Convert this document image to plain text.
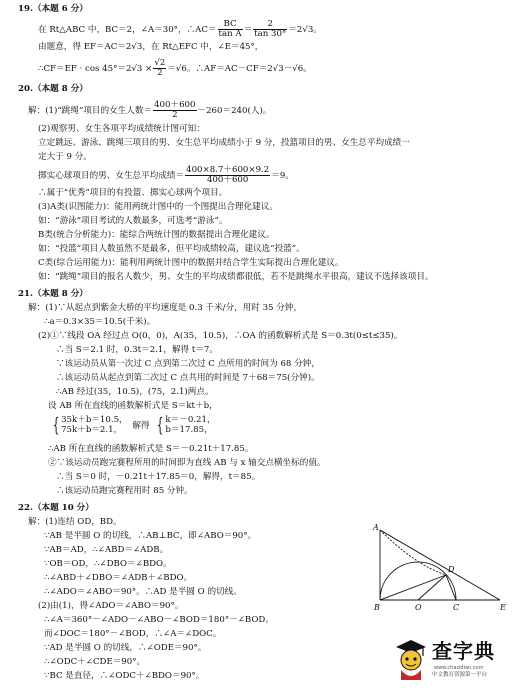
19.（本题 6 分）
在 Rt△ABC 中，BC＝2，∠A＝30°，∴AC＝ $\frac{BC}{\text{tan A}} = \frac{2}{\tan 30^\circ} =2√3$。
由题意，得 EF＝AC＝2√3，在 Rt△EFC 中，∠E＝45°，
∴CF＝EF · $\cos 45^\circ=2√3 \times \frac{√2}{2} =√6$。∴AF＝AC－CF＝2√3－√6。
20.（本题 8 分）
解：(1)“跳绳”项目的女生人数＝ $\frac{400+600}{2} -260=240$(人)。
(2)观察男、女生各项平均成绩统计图可知：
立定跳远、游泳、跳绳三项目的男、女生总平均成绩小于 9 分，投篮项目的男、女生总平均成绩一
定大于 9 分。
掷实心球项目的男、女生总平均成绩＝ $\frac{400\times 8.7+600\times 9.2}{400+600} =9$。
∴属于“优秀”项目的有投篮、掷实心球两个项目。
(3)A类(识图能力)：能用两统计图中的一个图提出合理化建议。
如：“游泳”项目考试的人数最多，可选考“游泳”。
B类(统合分析能力)：能综合两统计图的数据提出合理化建议。
如：“投篮”项目人数虽然不是最多，但平均成绩较高，建议选“投篮”。
C类(综合运用能力)：能利用两统计图中的数据并结合学生实际提出合理化建议。
如：“跳绳”项目的报名人数少，男、女生的平均成绩都很低，若不是跳绳水平很高，建议不选择该项目。
21.（本题 8 分）
解：(1)∵从起点到紫金大桥的平均速度是 0.3 千米/分，用时 35 分钟，
∴a＝0.3×35＝10.5(千米)。
(2)①∵线段 OA 经过点 O(0，0)，A(35，10.5)，∴OA 的函数解析式是 S＝0.3t(0≤t≤35)。
∴当 S＝2.1 时，0.3t＝2.1，解得 t＝7。
∵该运动员从第一次过 C 点到第二次过 C 点所用的时间为 68 分钟，
∴该运动员从起点到第二次过 C 点共用的时间是 7＋68＝75(分钟)。
∴AB 经过(35，10.5)，(75，2.1)两点。
设 AB 所在直线的函数解析式是 S＝kt＋b，
{ 35k＋b＝10.5，
75k＋b＝2.1，	解得 { k＝－0.21，
b＝17.85，
∴AB 所在直线的函数解析式是 S＝－0.21t＋17.85。
②∵该运动员跑完赛程所用的时间即为直线 AB 与 x 轴交点横坐标的值。
∴当 S＝0 时，－0.21t＋17.85＝0，解得，t＝85。
∴该运动员跑完赛程用时 85 分钟。
22.（本题 10 分）
解：(1)连结 OD，BD。
∵AB 是半圆 O 的切线，∴AB⊥BC，即∠ABO＝90°。
∵AB＝AD，∴∠ABD＝∠ADB。
∵OB＝OD，∴∠DBO＝∠BDO。
∴∠ABD＋∠DBO＝∠ADB＋∠BDO。
∴∠ADO＝∠ABO＝90°。∴AD 是半圆 O 的切线。
(2)由(1)，得∠ADO＝∠ABO＝90°。
∴∠A＝360°－∠ADO－∠ABO－∠BOD＝180°－∠BOD。
而∠DOC＝180°－∠BOD，∴∠A＝∠DOC。
∵AD 是半圆 O 的切线，∴∠ODE＝90°。
∴∠ODC＋∠CDE＝90°。
∵BC 是直径，∴∠ODC＋∠BDO＝90°。
A
B	O	C
D
E
查字典
www.chazidian.com
中文教育资源第一平台
